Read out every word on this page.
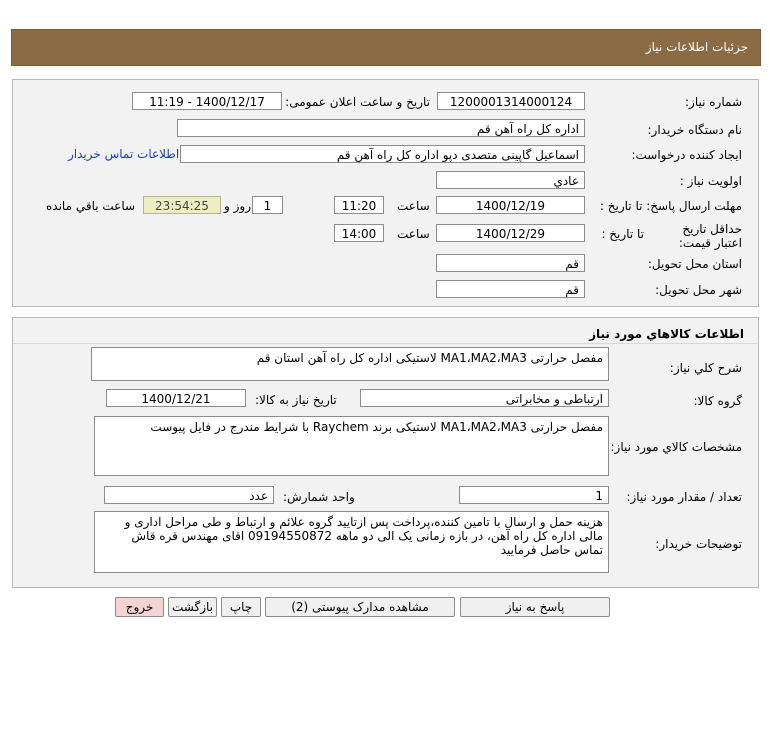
جزئیات اطلاعات نیاز
شماره نیاز:
1200001314000124
تاریخ و ساعت اعلان عمومی:
1400/12/17 - 11:19
نام دستگاه خریدار:
اداره کل راه آهن قم
ایجاد کننده درخواست:
اسماعیل گاپینی متصدی دپو اداره کل راه آهن قم
اطلاعات تماس خریدار
اولویت نیاز :
عادي
مهلت ارسال پاسخ: تا تاریخ :
1400/12/19
ساعت
11:20
1
روز و
23:54:25
ساعت باقي مانده
حداقل تاریخ اعتبار قیمت:
تا تاریخ :
1400/12/29
ساعت
14:00
استان محل تحویل:
قم
شهر محل تحویل:
قم
اطلاعات کالاهاي مورد نياز
شرح کلي نياز:
مفصل حرارتی MA1،MA2،MA3 لاستیکی اداره کل راه آهن استان قم
گروه کالا:
ارتباطی و مخابراتی
تاریخ نیاز به کالا:
1400/12/21
مشخصات کالاي مورد نياز:
مفصل حرارتی MA1،MA2،MA3 لاستیکی برند Raychem با شرایط مندرج در فایل پیوست
تعداد / مقدار مورد نیاز:
1
واحد شمارش:
عدد
توضیحات خریدار:
هزینه حمل و ارسال با تامین کننده،پرداخت پس ازتایید گروه علائم و ارتباط و طی مراحل اداری و مالی اداره کل راه آهن، در بازه زمانی یک الی دو ماهه 09194550872 اقای مهندس قره قاش تماس حاصل فرمایید
پاسخ به نیاز
مشاهده مدارک پیوستی (2)
چاپ
بازگشت
خروج
